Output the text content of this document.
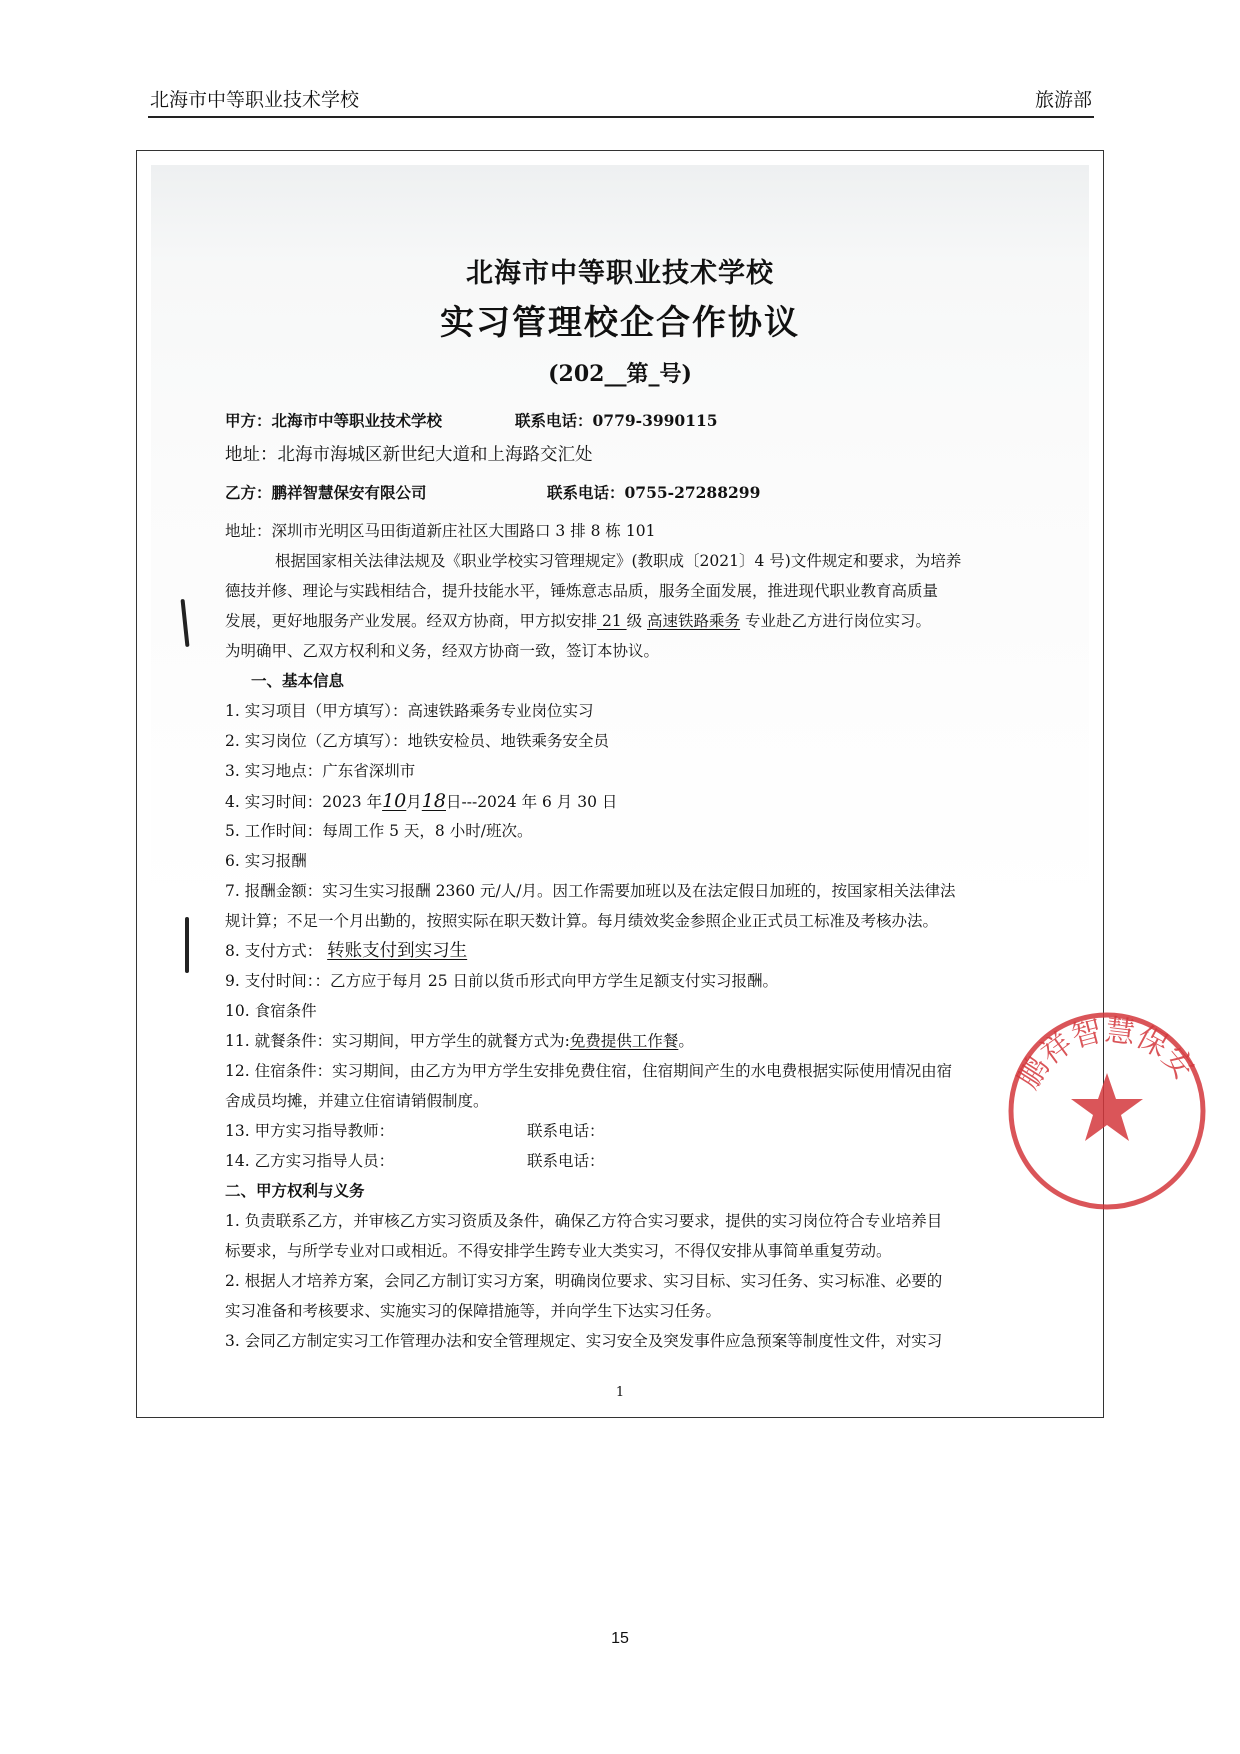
北海市中等职业技术学校	旅游部
北海市中等职业技术学校
实习管理校企合作协议
(202__第_号)
甲方：北海市中等职业技术学校	联系电话：0779-3990115
地址：北海市海城区新世纪大道和上海路交汇处
乙方：鹏祥智慧保安有限公司	联系电话：0755-27288299
地址：深圳市光明区马田街道新庄社区大围路口 3 排 8 栋 101
根据国家相关法律法规及《职业学校实习管理规定》(教职成〔2021〕4 号)文件规定和要求，为培养
德技并修、理论与实践相结合，提升技能水平，锤炼意志品质，服务全面发展，推进现代职业教育高质量
发展，更好地服务产业发展。经双方协商，甲方拟安排 21 级 高速铁路乘务 专业赴乙方进行岗位实习。
为明确甲、乙双方权利和义务，经双方协商一致，签订本协议。
一、基本信息
1. 实习项目（甲方填写）：高速铁路乘务专业岗位实习
2. 实习岗位（乙方填写）：地铁安检员、地铁乘务安全员
3. 实习地点：广东省深圳市
4. 实习时间：2023 年10月18日---2024 年 6 月 30 日
5. 工作时间：每周工作 5 天，8 小时/班次。
6. 实习报酬
7. 报酬金额：实习生实习报酬 2360 元/人/月。因工作需要加班以及在法定假日加班的，按国家相关法律法
规计算；不足一个月出勤的，按照实际在职天数计算。每月绩效奖金参照企业正式员工标准及考核办法。
8. 支付方式： 转账支付到实习生
9. 支付时间：：乙方应于每月 25 日前以货币形式向甲方学生足额支付实习报酬。
10. 食宿条件
11. 就餐条件：实习期间，甲方学生的就餐方式为:免费提供工作餐。
12. 住宿条件：实习期间，由乙方为甲方学生安排免费住宿，住宿期间产生的水电费根据实际使用情况由宿
舍成员均摊，并建立住宿请销假制度。
13. 甲方实习指导教师：	联系电话：
14. 乙方实习指导人员：	联系电话：
二、甲方权利与义务
1. 负责联系乙方，并审核乙方实习资质及条件，确保乙方符合实习要求，提供的实习岗位符合专业培养目
标要求，与所学专业对口或相近。不得安排学生跨专业大类实习，不得仅安排从事简单重复劳动。
2. 根据人才培养方案，会同乙方制订实习方案，明确岗位要求、实习目标、实习任务、实习标准、必要的
实习准备和考核要求、实施实习的保障措施等，并向学生下达实习任务。
3. 会同乙方制定实习工作管理办法和安全管理规定、实习安全及突发事件应急预案等制度性文件，对实习
1
鹏祥智慧保安
15
